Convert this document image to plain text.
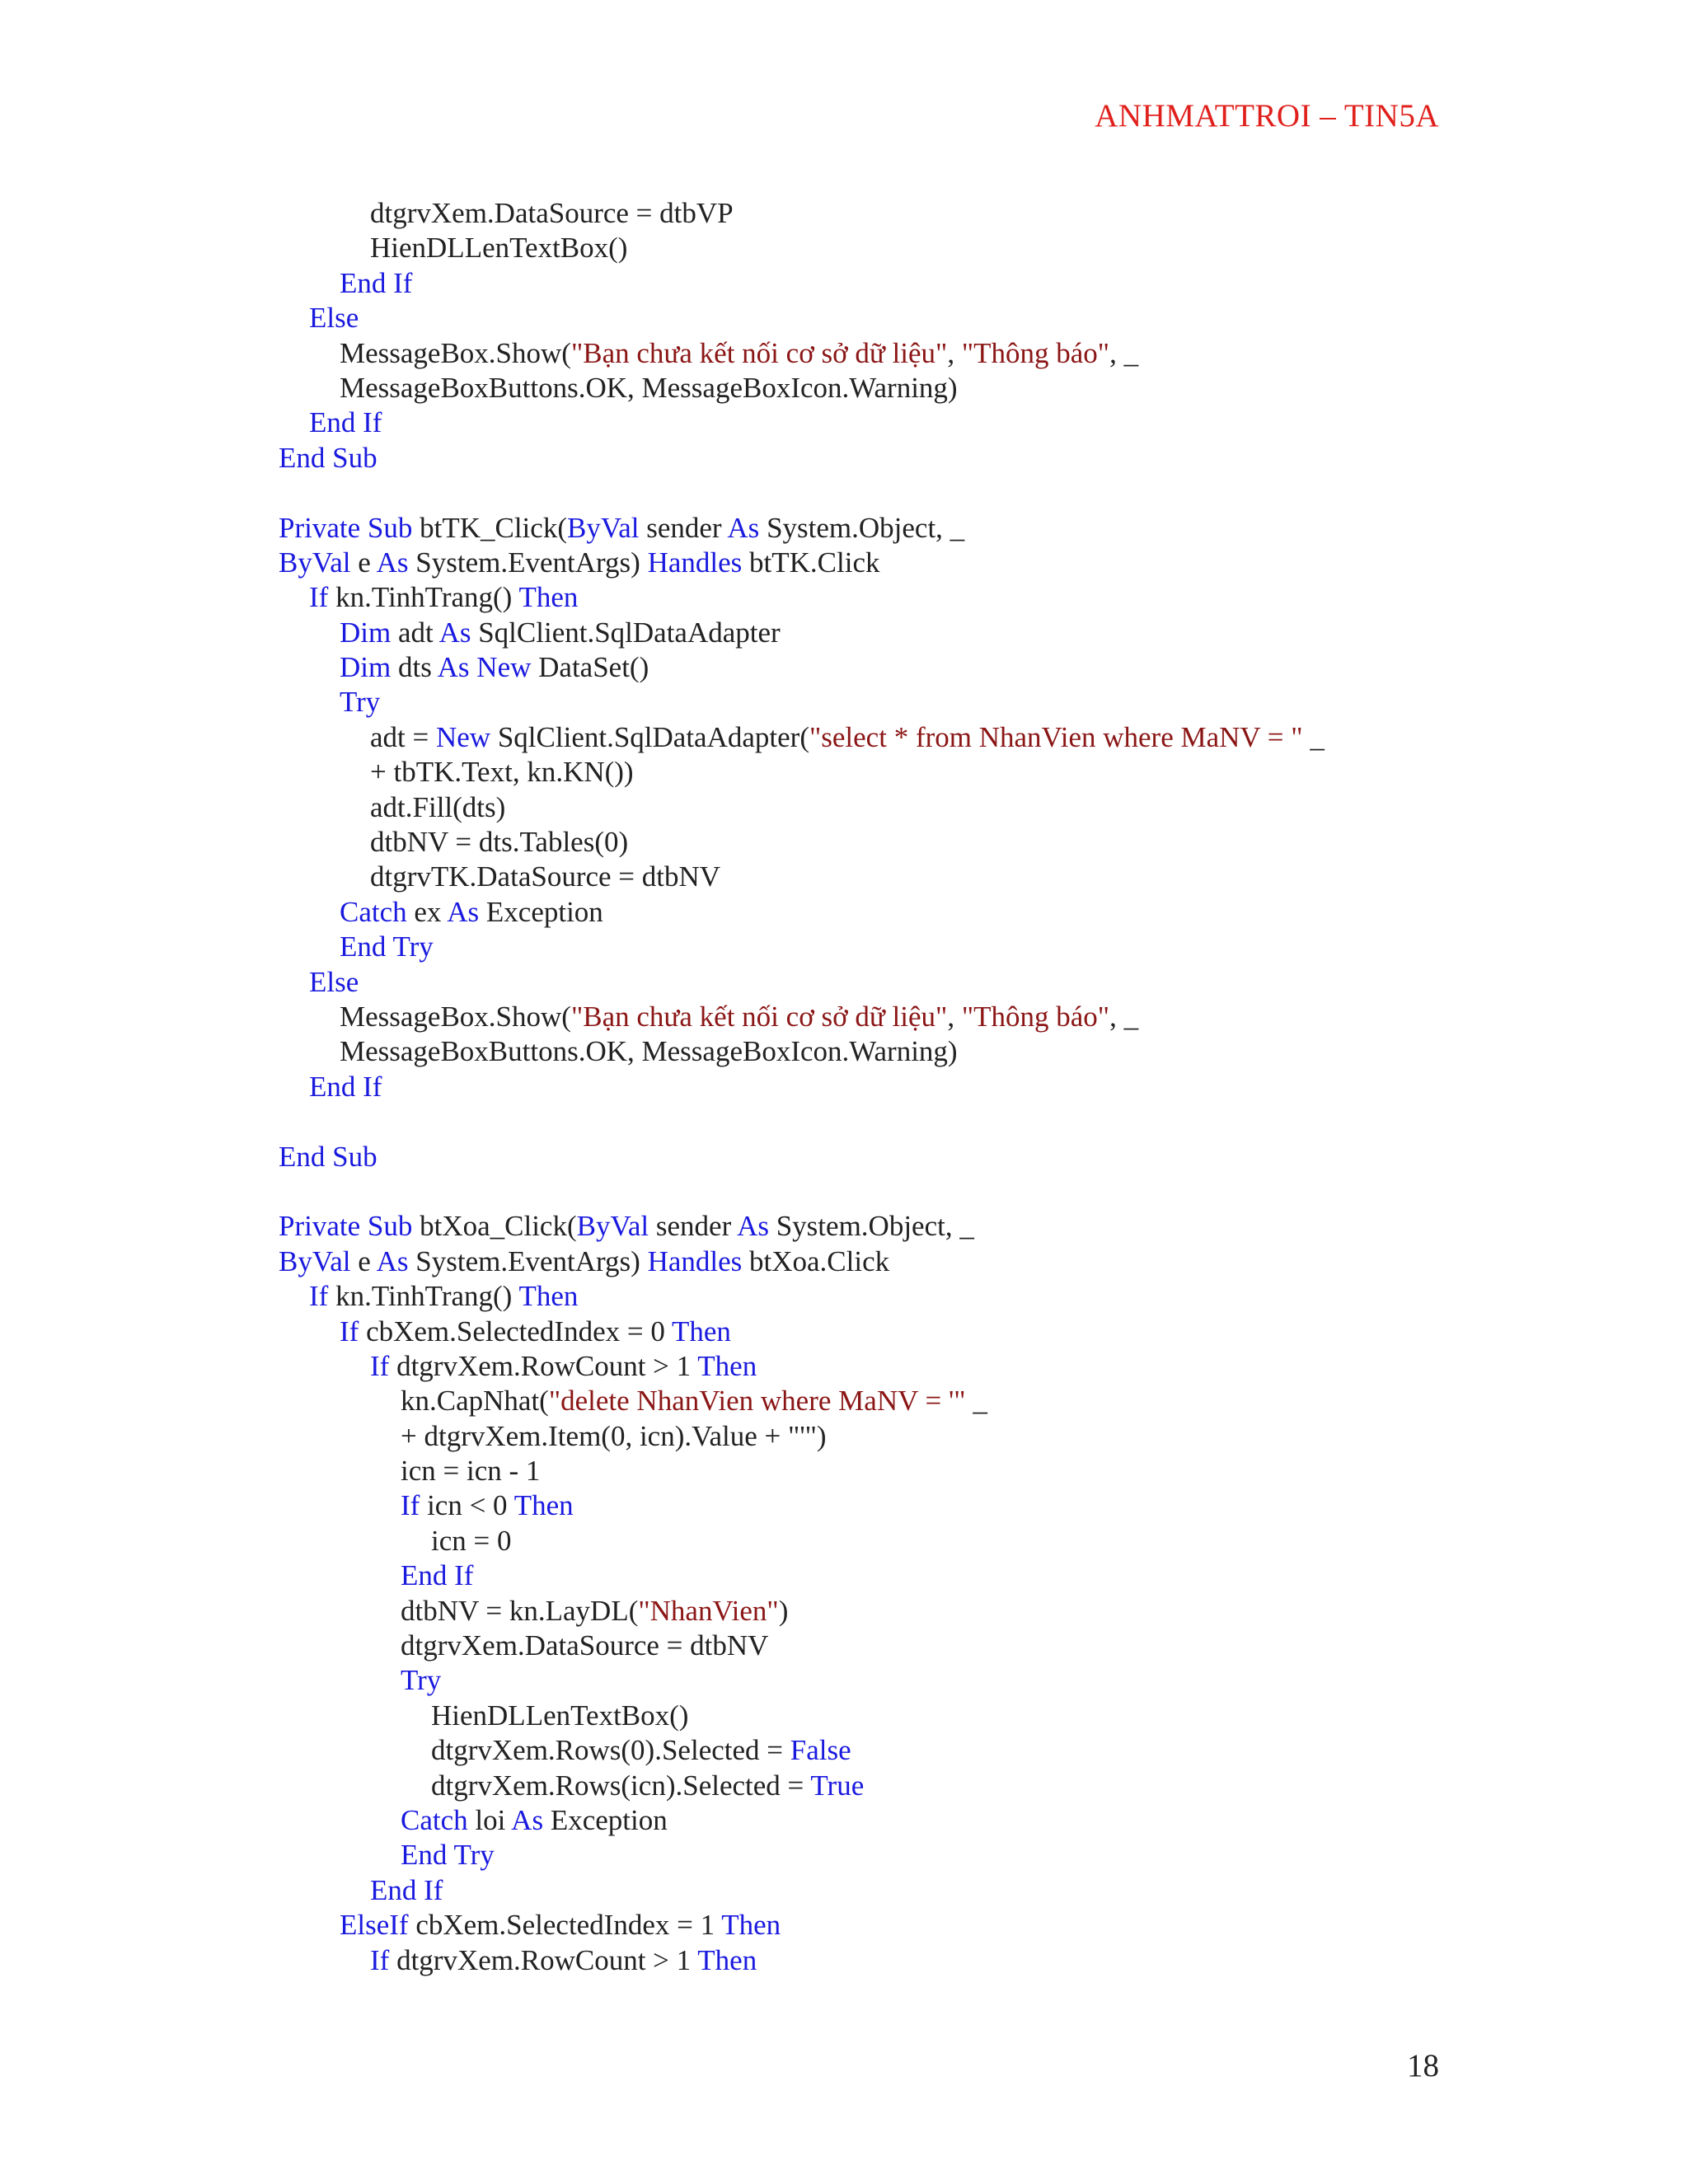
ANHMATTROI – TIN5A
dtgrvXem.DataSource = dtbVP
HienDLLenTextBox()
End If
Else
MessageBox.Show("Bạn chưa kết nối cơ sở dữ liệu", "Thông báo", _
MessageBoxButtons.OK, MessageBoxIcon.Warning)
End If
End Sub
Private Sub btTK_Click(ByVal sender As System.Object, _
ByVal e As System.EventArgs) Handles btTK.Click
If kn.TinhTrang() Then
Dim adt As SqlClient.SqlDataAdapter
Dim dts As New DataSet()
Try
adt = New SqlClient.SqlDataAdapter("select * from NhanVien where MaNV = " _
+ tbTK.Text, kn.KN())
adt.Fill(dts)
dtbNV = dts.Tables(0)
dtgrvTK.DataSource = dtbNV
Catch ex As Exception
End Try
Else
MessageBox.Show("Bạn chưa kết nối cơ sở dữ liệu", "Thông báo", _
MessageBoxButtons.OK, MessageBoxIcon.Warning)
End If
End Sub
Private Sub btXoa_Click(ByVal sender As System.Object, _
ByVal e As System.EventArgs) Handles btXoa.Click
If kn.TinhTrang() Then
If cbXem.SelectedIndex = 0 Then
If dtgrvXem.RowCount > 1 Then
kn.CapNhat("delete NhanVien where MaNV = '" _
+ dtgrvXem.Item(0, icn).Value + "'")
icn = icn - 1
If icn < 0 Then
icn = 0
End If
dtbNV = kn.LayDL("NhanVien")
dtgrvXem.DataSource = dtbNV
Try
HienDLLenTextBox()
dtgrvXem.Rows(0).Selected = False
dtgrvXem.Rows(icn).Selected = True
Catch loi As Exception
End Try
End If
ElseIf cbXem.SelectedIndex = 1 Then
If dtgrvXem.RowCount > 1 Then
18
